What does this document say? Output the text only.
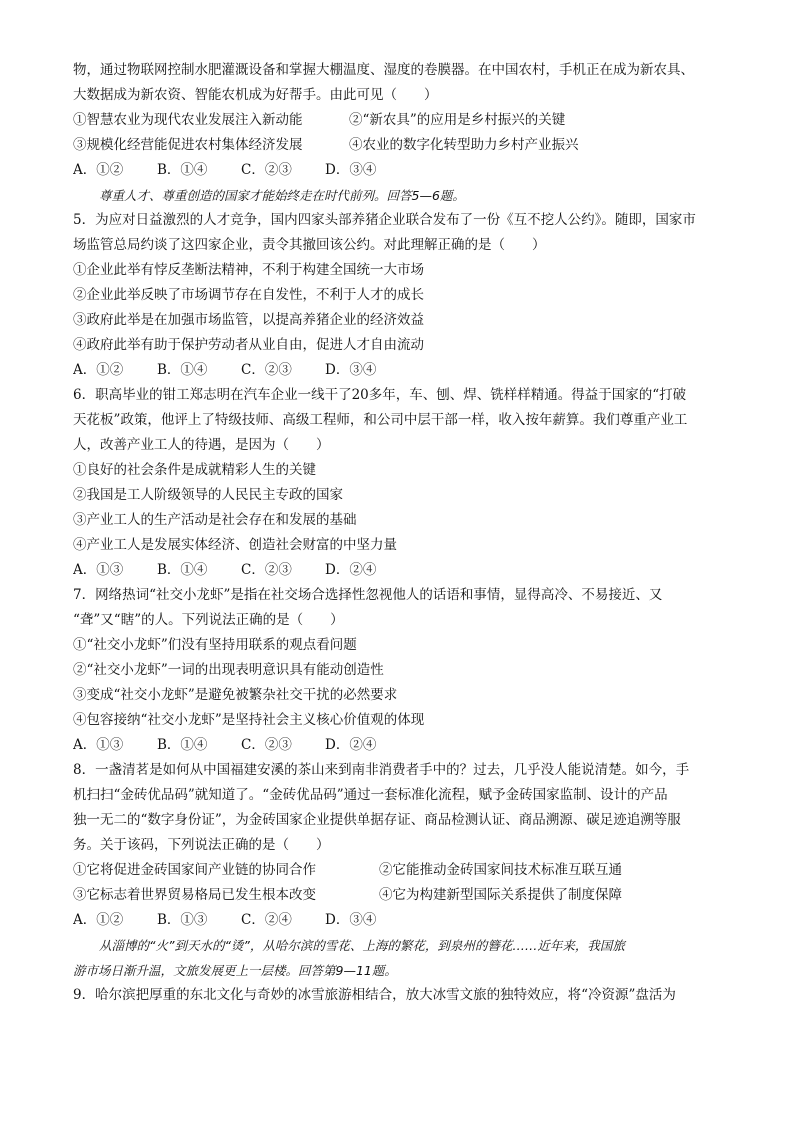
物，通过物联网控制水肥灌溉设备和掌握大棚温度、湿度的卷膜器。在中国农村，手机正在成为新农具、
大数据成为新农资、智能农机成为好帮手。由此可见（　　）
①智慧农业为现代农业发展注入新动能	②“新农具”的应用是乡村振兴的关键
③规模化经营能促进农村集体经济发展	④农业的数字化转型助力乡村产业振兴
A．①②	B．①④ C．②③ D．③④
尊重人才、尊重创造的国家才能始终走在时代前列。回答5—6题。
5．为应对日益激烈的人才竞争，国内四家头部养猪企业联合发布了一份《互不挖人公约》。随即，国家市
场监管总局约谈了这四家企业，责令其撤回该公约。对此理解正确的是（　　）
①企业此举有悖反垄断法精神，不利于构建全国统一大市场
②企业此举反映了市场调节存在自发性，不利于人才的成长
③政府此举是在加强市场监管，以提高养猪企业的经济效益
④政府此举有助于保护劳动者从业自由，促进人才自由流动
A．①②	B．①④ C．②③ D．③④
6．职高毕业的钳工郑志明在汽车企业一线干了20多年，车、刨、焊、铣样样精通。得益于国家的“打破
天花板”政策，他评上了特级技师、高级工程师，和公司中层干部一样，收入按年薪算。我们尊重产业工
人，改善产业工人的待遇，是因为（　　）
①良好的社会条件是成就精彩人生的关键
②我国是工人阶级领导的人民民主专政的国家
③产业工人的生产活动是社会存在和发展的基础
④产业工人是发展实体经济、创造社会财富的中坚力量
A．①③	B．①④ C．②③ D．②④
7．网络热词“社交小龙虾”是指在社交场合选择性忽视他人的话语和事情，显得高冷、不易接近、又
“聋”又“瞎”的人。下列说法正确的是（　　）
①“社交小龙虾”们没有坚持用联系的观点看问题
②“社交小龙虾”一词的出现表明意识具有能动创造性
③变成“社交小龙虾”是避免被繁杂社交干扰的必然要求
④包容接纳“社交小龙虾”是坚持社会主义核心价值观的体现
A．①③	B．①④ C．②③ D．②④
8．一盏清茗是如何从中国福建安溪的茶山来到南非消费者手中的？过去，几乎没人能说清楚。如今，手
机扫扫“金砖优品码”就知道了。“金砖优品码”通过一套标准化流程，赋予金砖国家监制、设计的产品
独一无二的“数字身份证”，为金砖国家企业提供单据存证、商品检测认证、商品溯源、碳足迹追溯等服
务。关于该码，下列说法正确的是（　　）
①它将促进金砖国家间产业链的协同合作	②它能推动金砖国家间技术标准互联互通
③它标志着世界贸易格局已发生根本改变	④它为构建新型国际关系提供了制度保障
A．①②	B．①③ C．②④ D．③④
从淄博的“火”到天水的“烫”，从哈尔滨的雪花、上海的繁花，到泉州的簪花……近年来，我国旅
游市场日渐升温，文旅发展更上一层楼。回答第9—11题。
9．哈尔滨把厚重的东北文化与奇妙的冰雪旅游相结合，放大冰雪文旅的独特效应，将“冷资源”盘活为
